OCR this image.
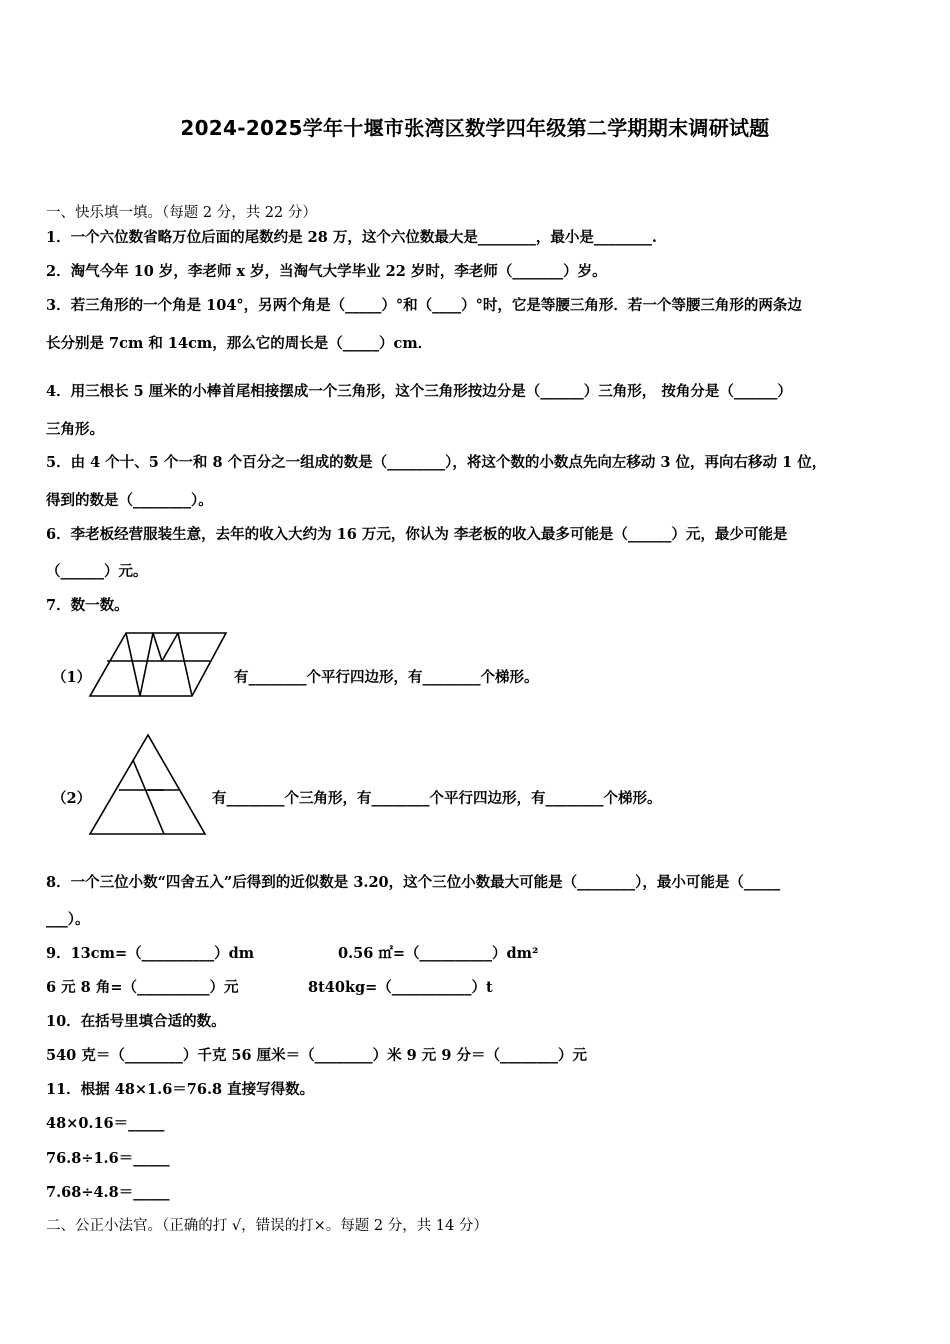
2024-2025学年十堰市张湾区数学四年级第二学期期末调研试题
一、快乐填一填。（每题 2 分，共 22 分）
1．一个六位数省略万位后面的尾数约是 28 万，这个六位数最大是________，最小是________.
2．淘气今年 10 岁，李老师 x 岁，当淘气大学毕业 22 岁时，李老师（_______）岁。
3．若三角形的一个角是 104°，另两个角是（_____）°和（____）°时，它是等腰三角形．若一个等腰三角形的两条边
长分别是 7cm 和 14cm，那么它的周长是（_____）cm．
4．用三根长 5 厘米的小棒首尾相接摆成一个三角形，这个三角形按边分是（______）三角形， 按角分是（______）
三角形。
5．由 4 个十、5 个一和 8 个百分之一组成的数是（________），将这个数的小数点先向左移动 3 位，再向右移动 1 位，
得到的数是（________）。
6．李老板经营服装生意，去年的收入大约为 16 万元，你认为 李老板的收入最多可能是（______）元，最少可能是
（______）元。
7．数一数。
（1）	有________个平行四边形，有________个梯形。
（2）	有________个三角形，有________个平行四边形，有________个梯形。
8．一个三位小数“四舍五入”后得到的近似数是 3.20，这个三位小数最大可能是（________），最小可能是（_____
___）。
9．13cm=（__________）dm	0.56 ㎡=（__________）dm²
6 元 8 角=（__________）元	8t40kg=（___________）t
10．在括号里填合适的数。
540 克＝（________）千克 56 厘米＝（________）米 9 元 9 分＝（________）元
11．根据 48×1.6＝76.8 直接写得数。
48×0.16＝_____
76.8÷1.6＝_____
7.68÷4.8＝_____
二、公正小法官。（正确的打 √，错误的打×。每题 2 分，共 14 分）
